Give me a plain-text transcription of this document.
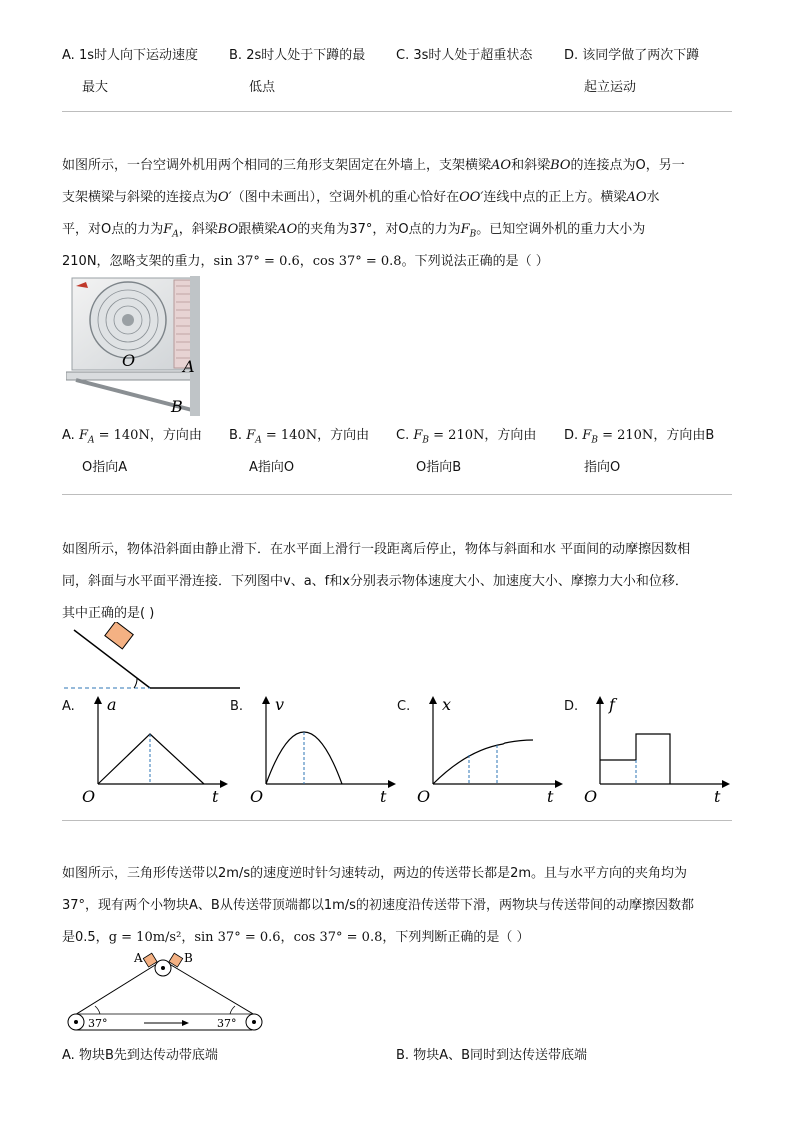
A. 1s时人向下运动速度
最大
B. 2s时人处于下蹲的最
低点
C. 3s时人处于超重状态 D. 该同学做了两次下蹲
起立运动
如图所示，一台空调外机用两个相同的三角形支架固定在外墙上，支架横梁AO和斜梁BO的连接点为O，另一
支架横梁与斜梁的连接点为O′（图中未画出），空调外机的重心恰好在OO′连线中点的正上方。横梁AO水
平，对O点的力为$F_A$，斜梁BO跟横梁AO的夹角为37°，对O点的力为$F_B$。已知空调外机的重力大小为
210N，忽略支架的重力，sin 37° = 0.6，cos 37° = 0.8。下列说法正确的是（ ）
O	A
B
A. $F_A = 140N$，方向由
O指向A
B. $F_A = 140N$，方向由
A指向O
C. $F_B = 210N$，方向由
O指向B
D. $F_B = 210N$，方向由B
指向O
如图所示，物体沿斜面由静止滑下．在水平面上滑行一段距离后停止，物体与斜面和水 平面间的动摩擦因数相
同，斜面与水平面平滑连接．下列图中v、a、f和x分别表示物体速度大小、加速度大小、摩擦力大小和位移．
其中正确的是( )
A. a
O	t
B. v
O	t
C. x
O	t
D. f
O	t
如图所示，三角形传送带以2m/s的速度逆时针匀速转动，两边的传送带长都是2m。且与水平方向的夹角均为
37°，现有两个小物块A、B从传送带顶端都以1m/s的初速度沿传送带下滑，两物块与传送带间的动摩擦因数都
是0.5，g = 10m/s²，sin 37° = 0.6，cos 37° = 0.8，下列判断正确的是（ ）
A	B
37°	37°
A. 物块B先到达传动带底端	B. 物块A、B同时到达传送带底端
